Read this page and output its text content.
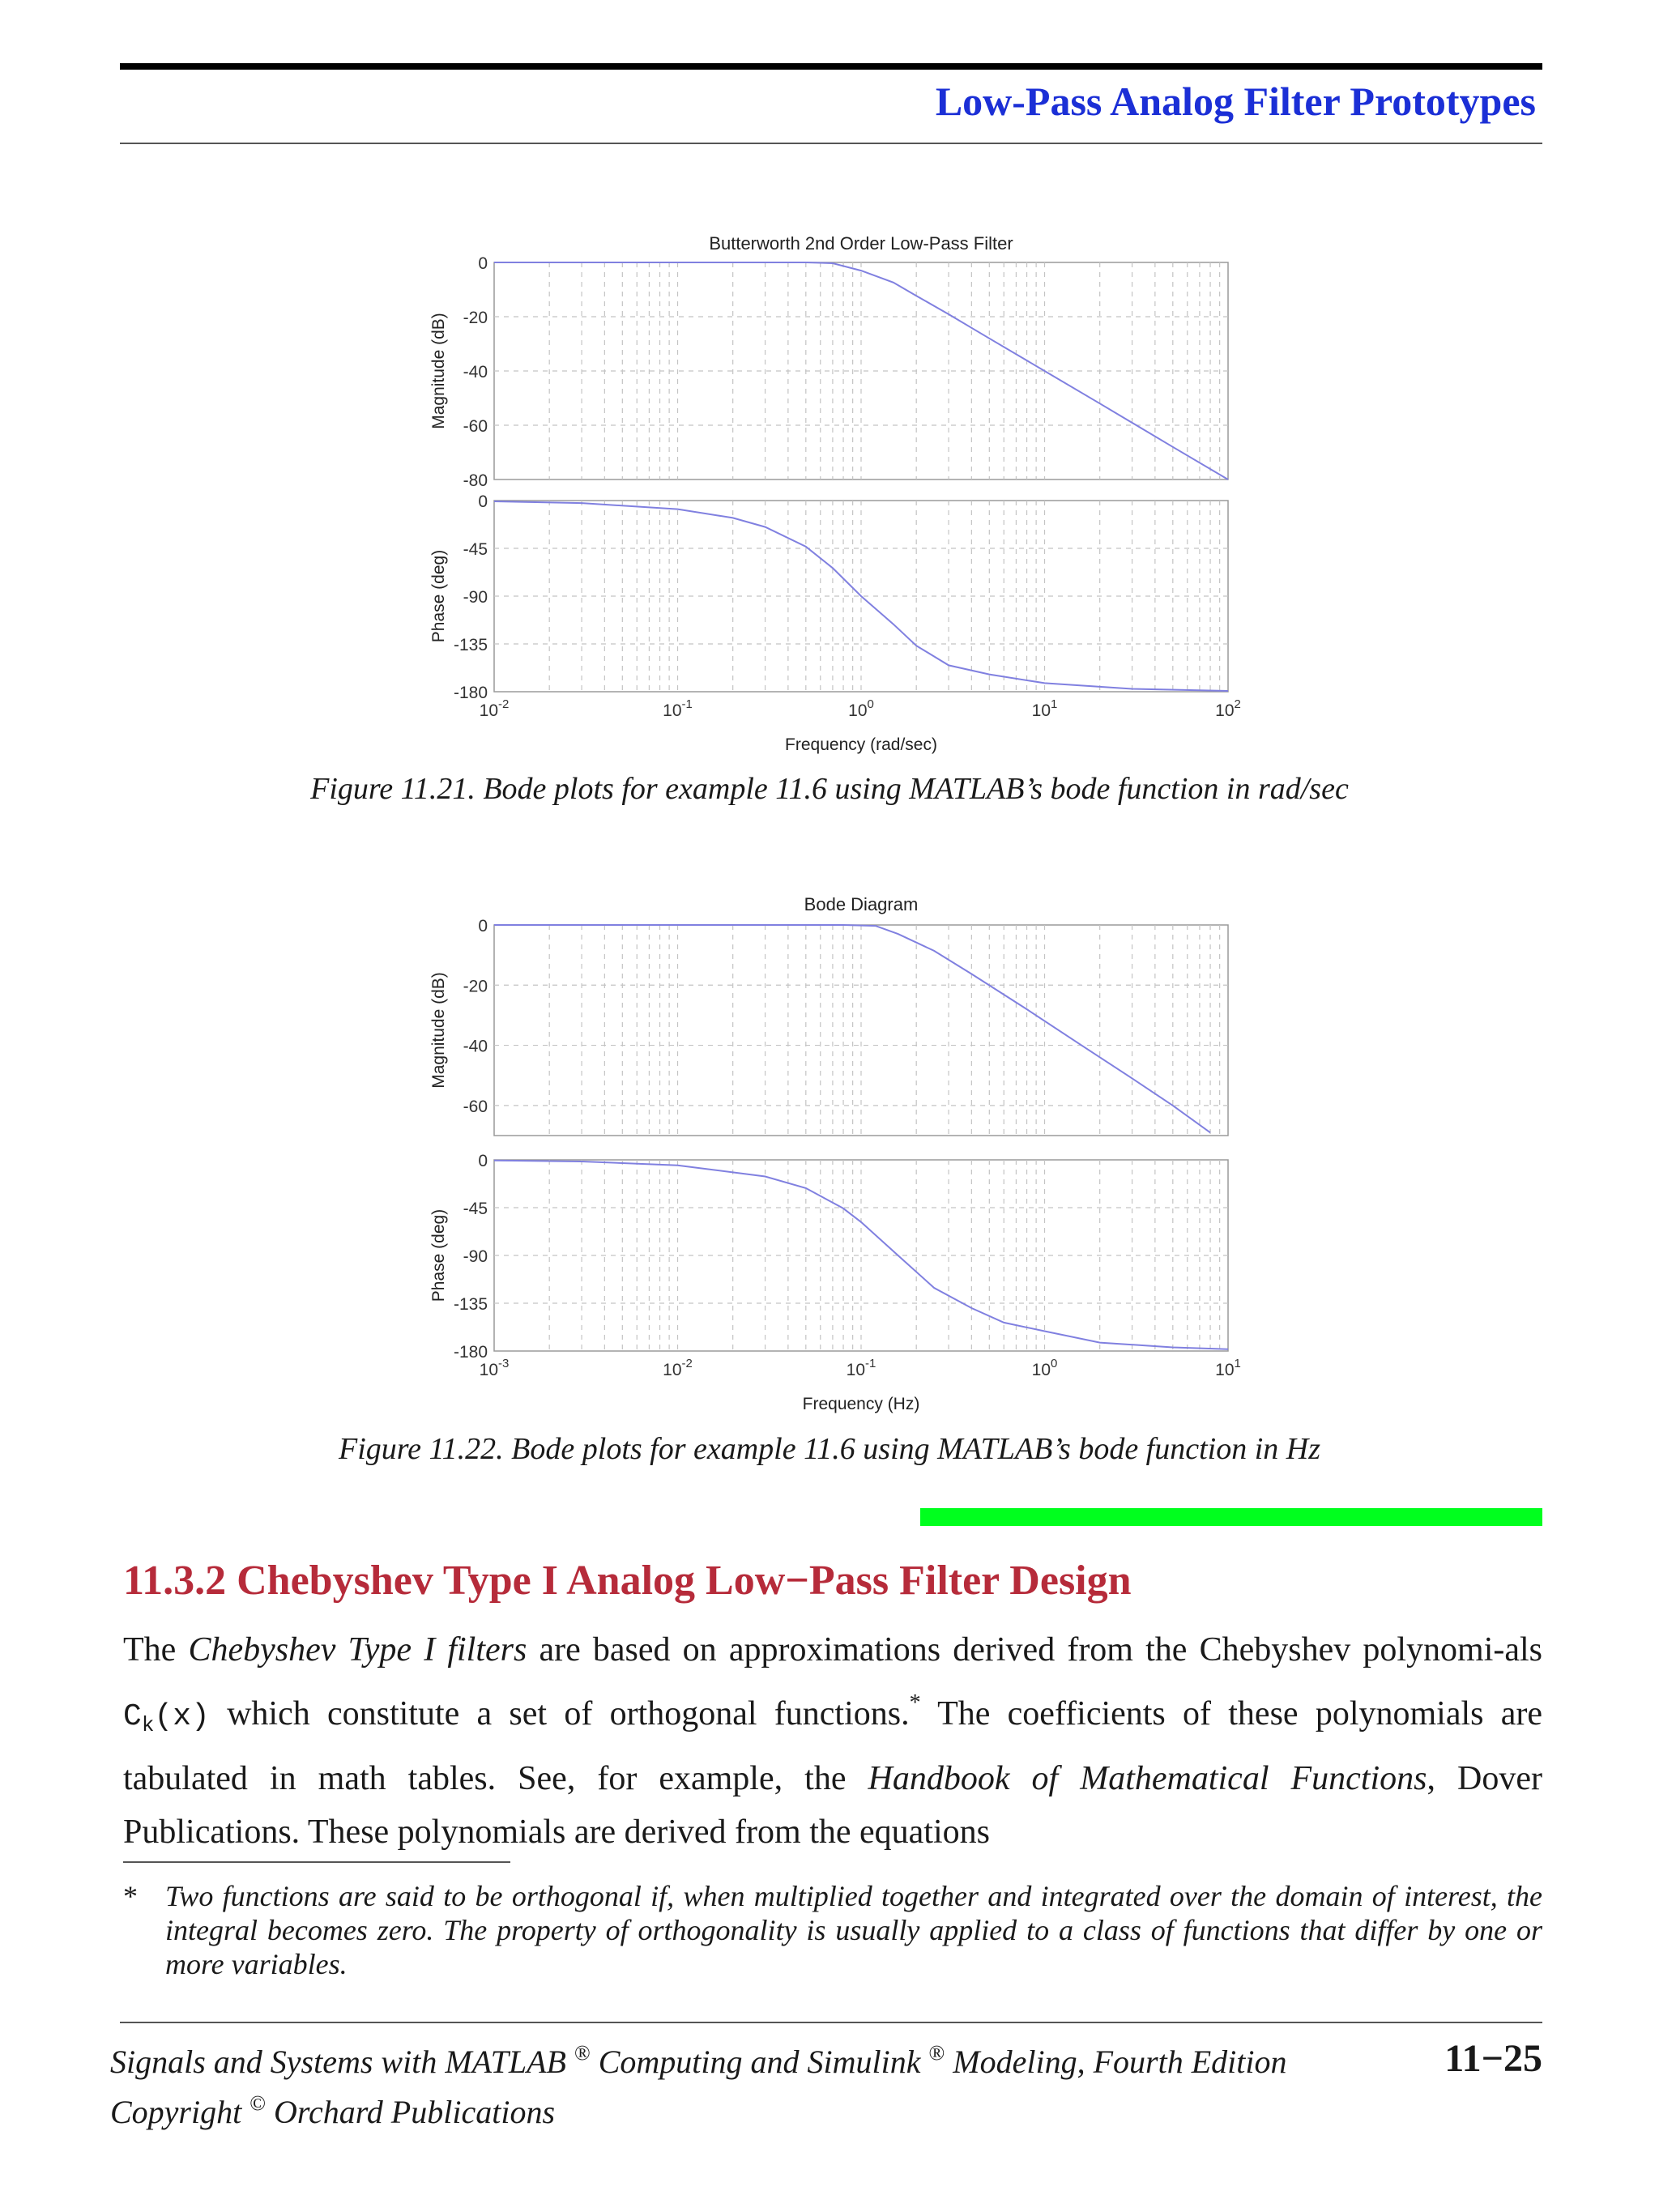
Low-Pass Analog Filter Prototypes
Butterworth 2nd Order Low-Pass Filter
0
-20
-40
-60
-80
Magnitude (dB)
0
-45
-90
-135
-180
Phase (deg)
$10^{-2}$	$10^{-1}$	$10^0$	$10^1$	$10^2$
Frequency (rad/sec)
Figure 11.21. Bode plots for example 11.6 using MATLAB’s bode function in rad/sec
Bode Diagram
0
-20
-40
-60
Magnitude (dB)
0
-45
-90
-135
-180
Phase (deg)
$10^{-3}$	$10^{-2}$	$10^{-1}$	$10^0$	$10^1$
Frequency (Hz)
Figure 11.22. Bode plots for example 11.6 using MATLAB’s bode function in Hz
11.3.2 Chebyshev Type I Analog Low−Pass Filter Design
The Chebyshev Type I filters are based on approximations derived from the Chebyshev polynomi-als $C_k(x)$ which constitute a set of orthogonal functions.* The coefficients of these polynomials are tabulated in math tables. See, for example, the Handbook of Mathematical Functions, Dover Publications. These polynomials are derived from the equations
* Two functions are said to be orthogonal if, when multiplied together and integrated over the domain of interest, the integral becomes zero. The property of orthogonality is usually applied to a class of functions that differ by one or more variables.
Signals and Systems with MATLAB ® Computing and Simulink ® Modeling, Fourth Edition	11−25
Copyright © Orchard Publications
